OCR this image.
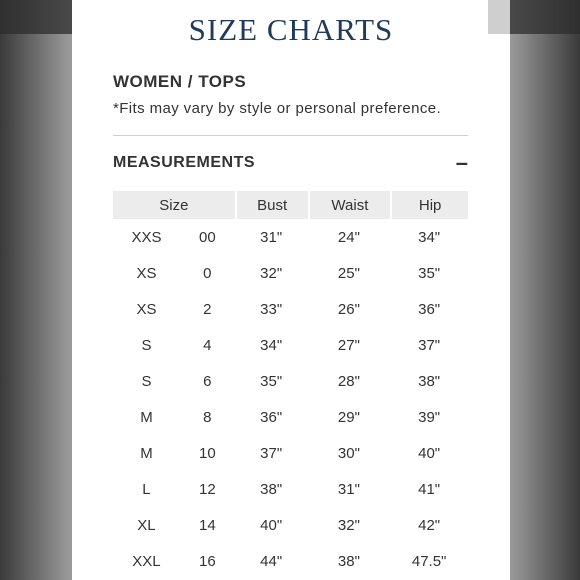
SIZE CHARTS
WOMEN / TOPS

*Fits may vary by style or personal preference.

MEASUREMENTS	–
Size		Bust	Waist	Hip
XXS	00	31"	24"	34"
XS	0	32"	25"	35"
XS	2	33"	26"	36"
S	4	34"	27"	37"
S	6	35"	28"	38"
M	8	36"	29"	39"
M	10	37"	30"	40"
L	12	38"	31"	41"
XL	14	40"	32"	42"
XXL	16	44"	38"	47.5"
